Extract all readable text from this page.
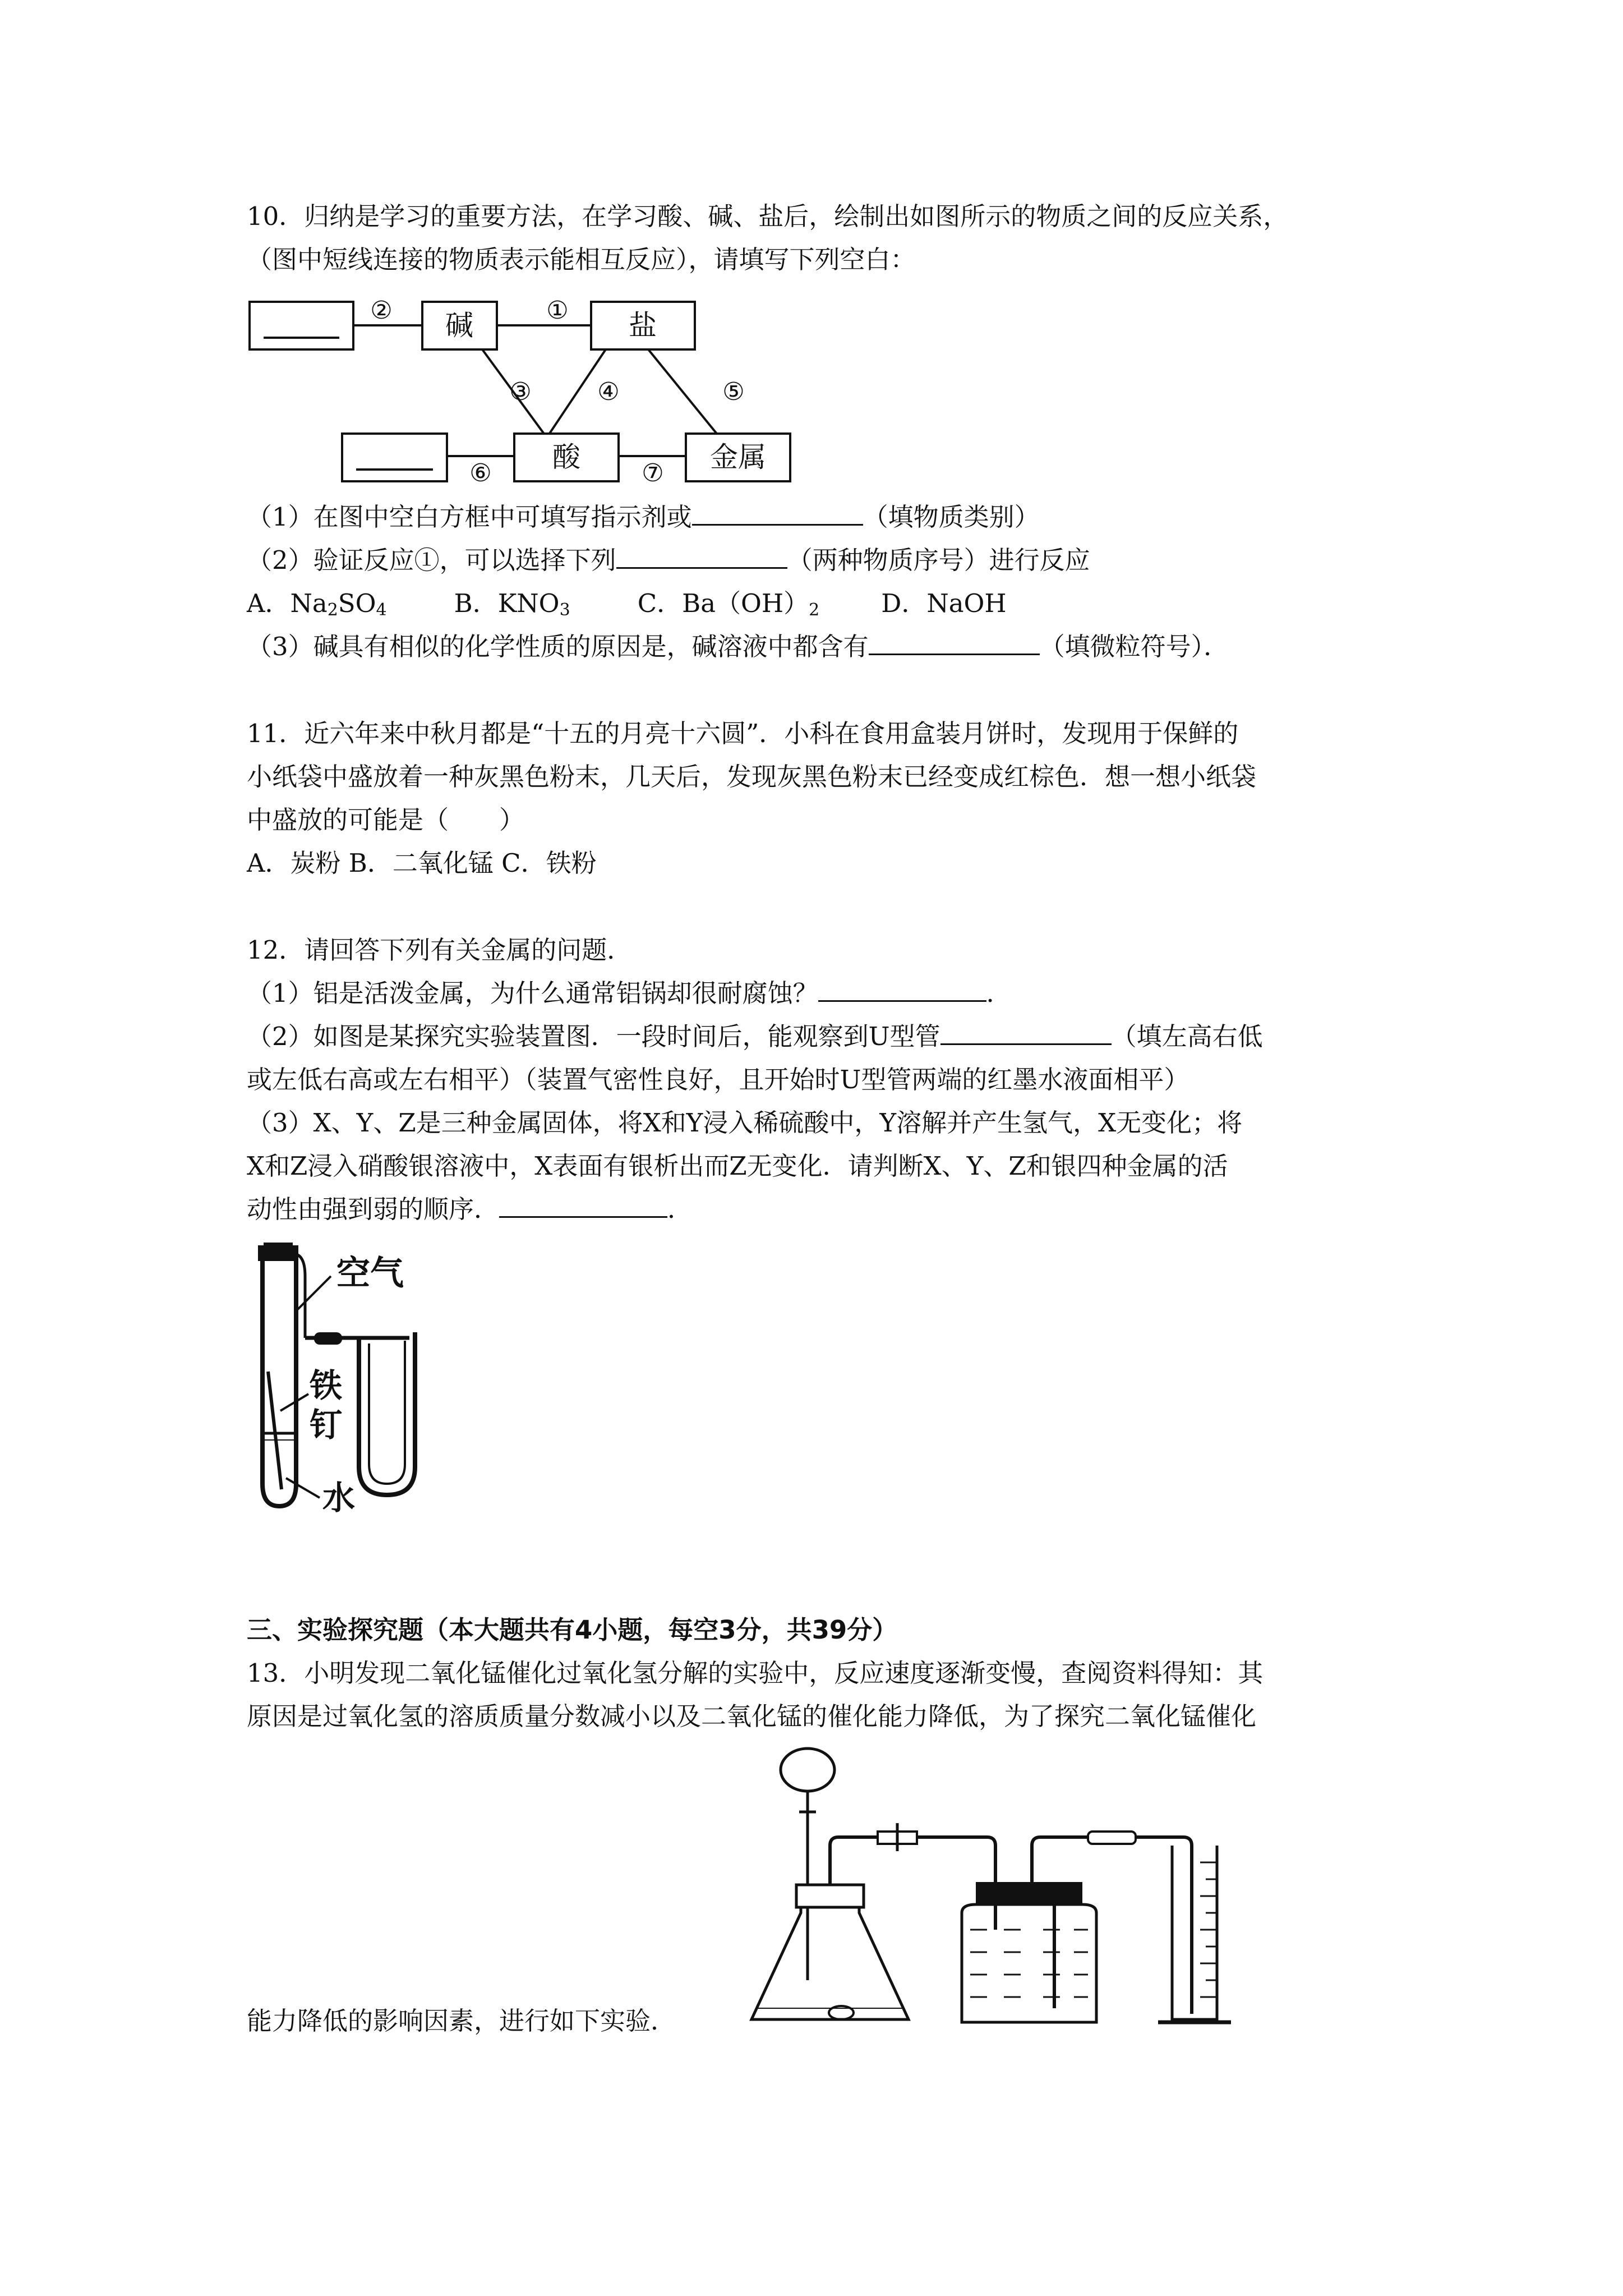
10．归纳是学习的重要方法，在学习酸、碱、盐后，绘制出如图所示的物质之间的反应关系，
（图中短线连接的物质表示能相互反应），请填写下列空白：
碱	盐
酸	金属
②	①
③	④	⑤
⑥	⑦
（1）在图中空白方框中可填写指示剂或	（填物质类别）
（2）验证反应①，可以选择下列	（两种物质序号）进行反应
A．$Na_2SO_4$	B．$KNO_3$	C．$Ba(OH)_2$ D．NaOH
（3）碱具有相似的化学性质的原因是，碱溶液中都含有	（填微粒符号）．
11．近六年来中秋月都是“十五的月亮十六圆”．小科在食用盒装月饼时，发现用于保鲜的
小纸袋中盛放着一种灰黑色粉末，几天后，发现灰黑色粉末已经变成红棕色．想一想小纸袋
中盛放的可能是（　　）
A．炭粉 B．二氧化锰 C．铁粉
12．请回答下列有关金属的问题．
（1）铝是活泼金属，为什么通常铝锅却很耐腐蚀？	．
（2）如图是某探究实验装置图．一段时间后，能观察到U型管	（填左高右低
或左低右高或左右相平）（装置气密性良好，且开始时U型管两端的红墨水液面相平）
（3）X、Y、Z是三种金属固体，将X和Y浸入稀硫酸中，Y溶解并产生氢气，X无变化；将
X和Z浸入硝酸银溶液中，X表面有银析出而Z无变化．请判断X、Y、Z和银四种金属的活
动性由强到弱的顺序．	．
空气
铁
钉
水
三、实验探究题（本大题共有4小题，每空3分，共39分）
13．小明发现二氧化锰催化过氧化氢分解的实验中，反应速度逐渐变慢，查阅资料得知：其
原因是过氧化氢的溶质质量分数减小以及二氧化锰的催化能力降低，为了探究二氧化锰催化
能力降低的影响因素，进行如下实验．
